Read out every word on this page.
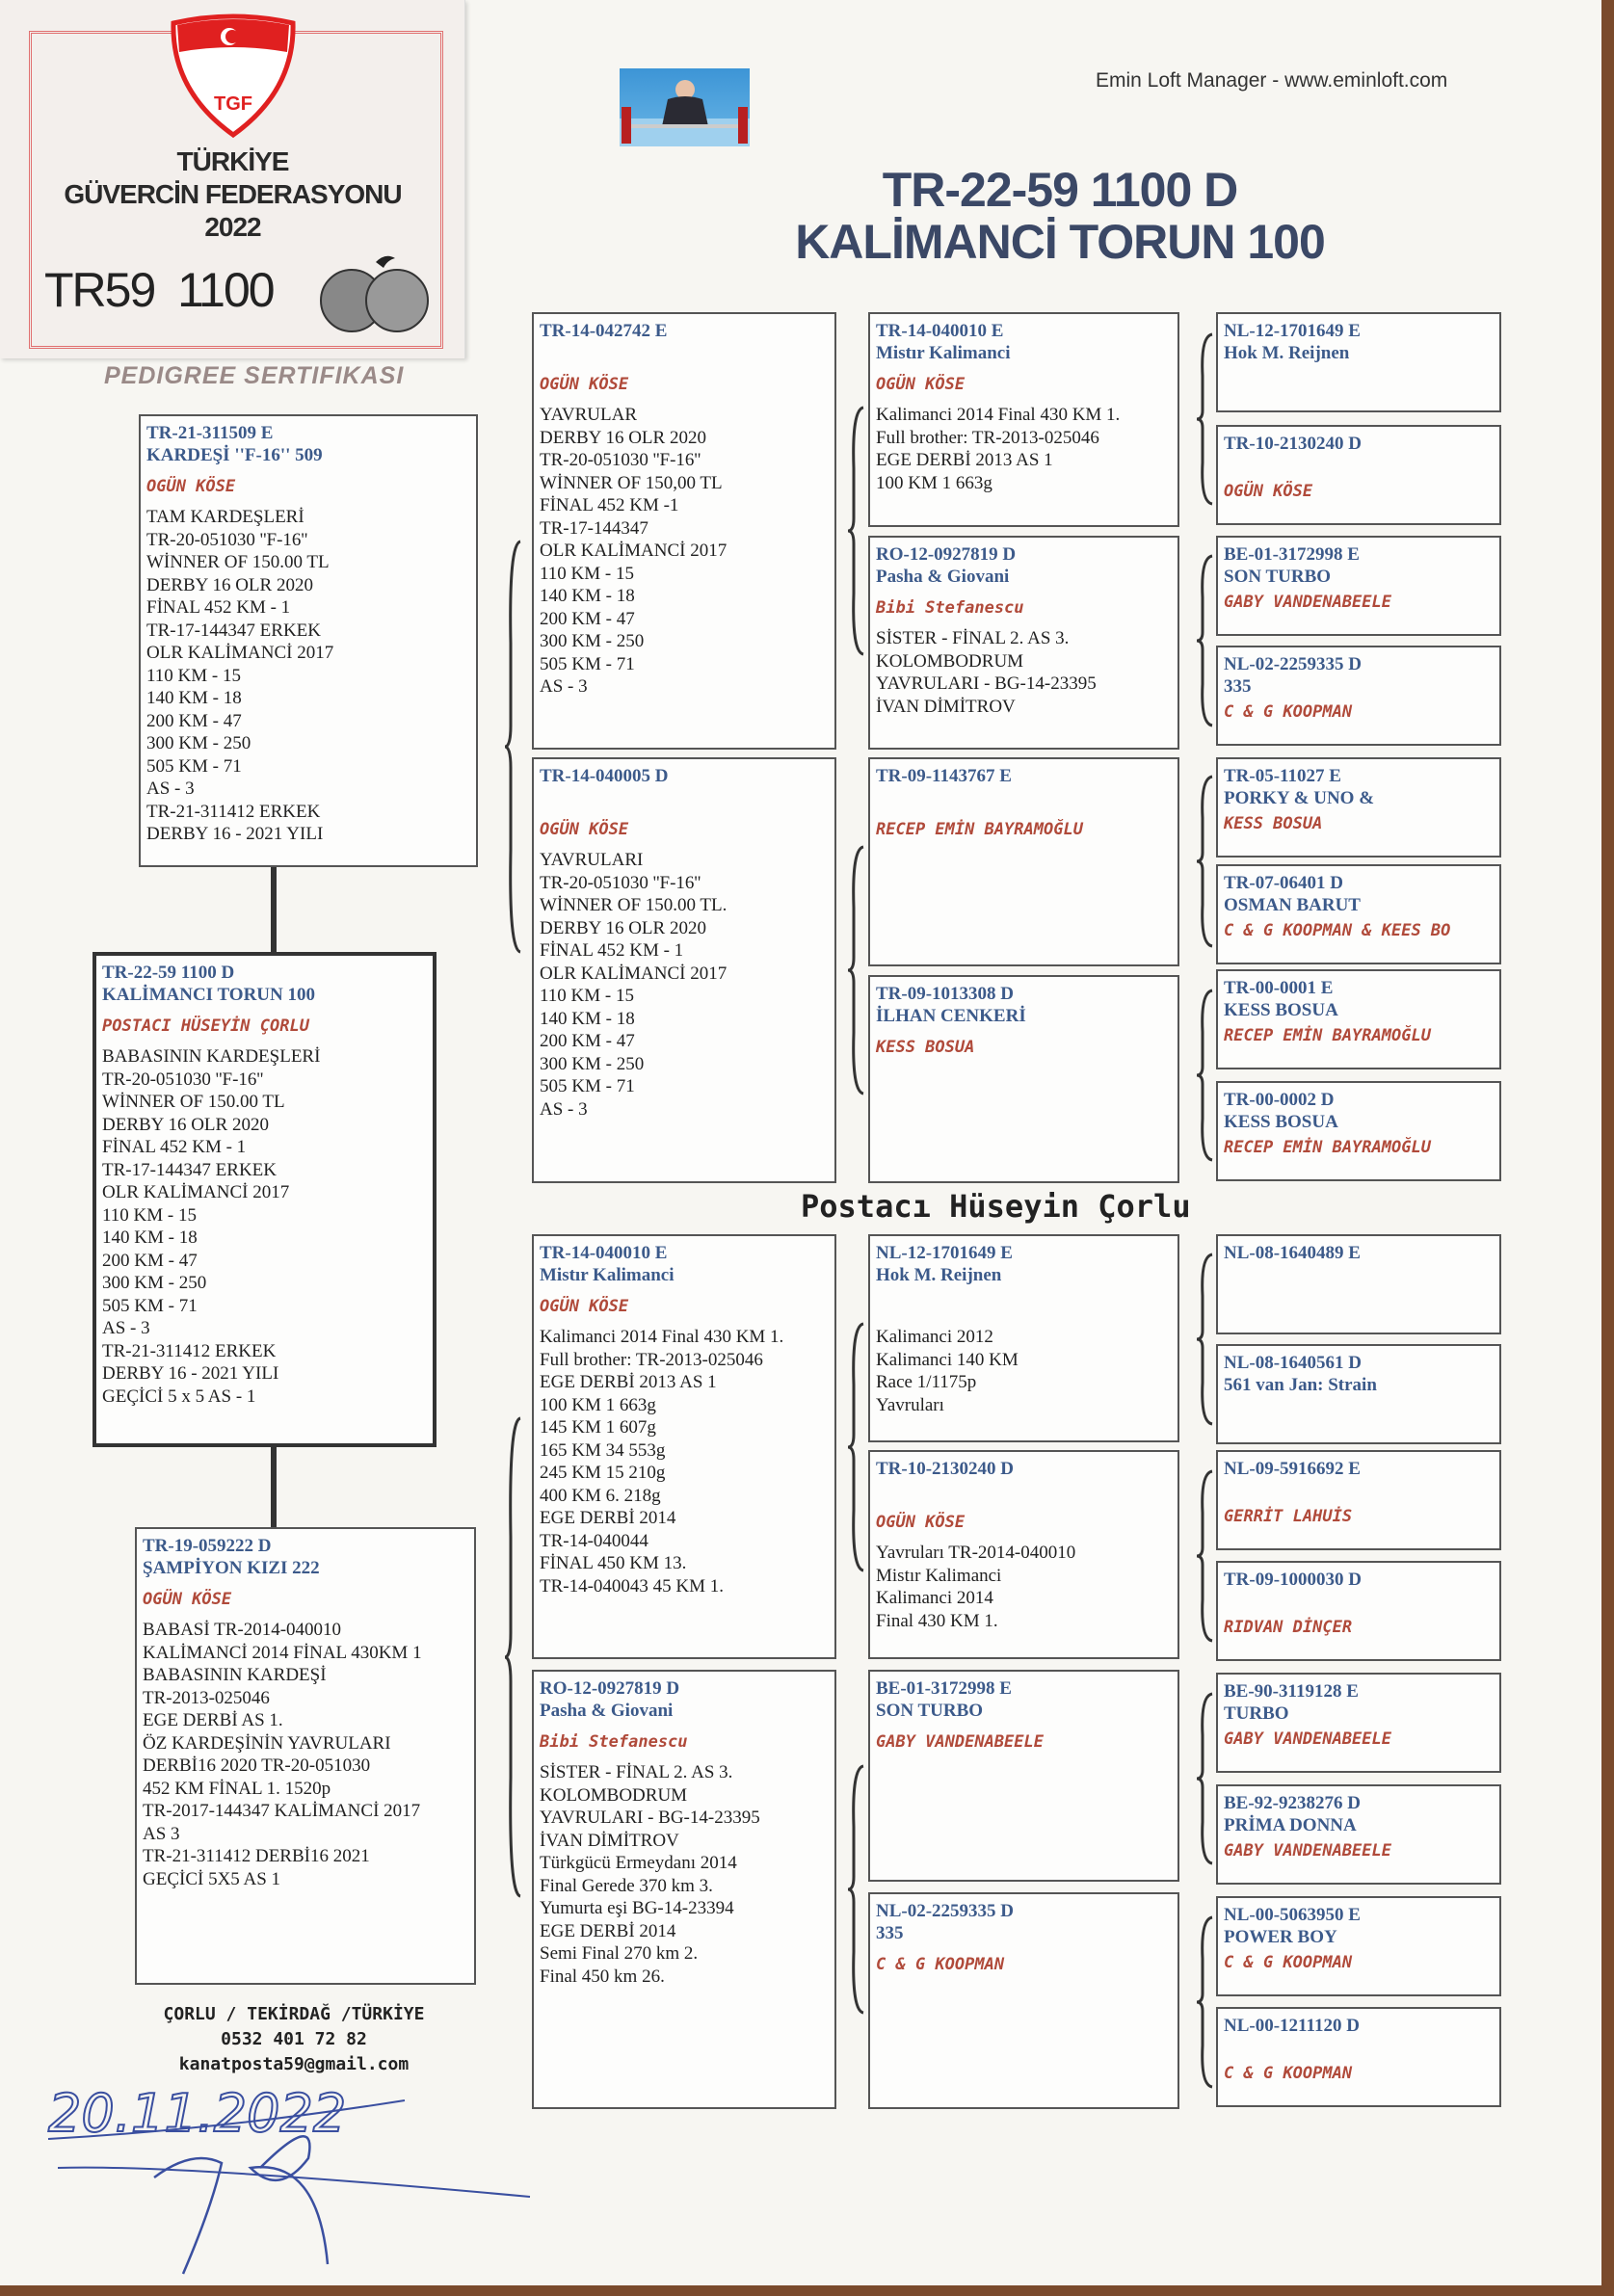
TGF
TÜRKİYE
GÜVERCİN FEDERASYONU
2022
TR59 1100
PEDIGREE SERTIFIKASI
Emin Loft Manager - www.eminloft.com
TR-22-59 1100 D
KALİMANCİ TORUN 100
TR-21-311509 E
KARDEŞİ ''F-16'' 509
OGÜN KÖSE
TAM KARDEŞLERİ
TR-20-051030 ''F-16''
WİNNER OF 150.00 TL
DERBY 16 OLR 2020
FİNAL 452 KM - 1
TR-17-144347 ERKEK
OLR KALİMANCİ 2017
110 KM - 15
140 KM - 18
200 KM - 47
300 KM - 250
505 KM - 71
AS - 3
TR-21-311412 ERKEK
DERBY 16 - 2021 YILI
TR-22-59 1100 D
KALİMANCI TORUN 100
POSTACI HÜSEYİN ÇORLU
BABASININ KARDEŞLERİ
TR-20-051030 ''F-16''
WİNNER OF 150.00 TL
DERBY 16 OLR 2020
FİNAL 452 KM - 1
TR-17-144347 ERKEK
OLR KALİMANCİ 2017
110 KM - 15
140 KM - 18
200 KM - 47
300 KM - 250
505 KM - 71
AS - 3
TR-21-311412 ERKEK
DERBY 16 - 2021 YILI
GEÇİCİ 5 x 5 AS - 1
TR-19-059222 D
ŞAMPİYON KIZI 222
OGÜN KÖSE
BABASİ TR-2014-040010
KALİMANCİ 2014 FİNAL 430KM 1
BABASININ KARDEŞİ
TR-2013-025046
EGE DERBİ AS 1.
ÖZ KARDEŞİNİN YAVRULARI
DERBİ16 2020 TR-20-051030
452 KM FİNAL 1. 1520p
TR-2017-144347 KALİMANCİ 2017
AS 3
TR-21-311412 DERBİ16 2021
GEÇİCİ 5X5 AS 1
TR-14-042742 E
OGÜN KÖSE
YAVRULAR
DERBY 16 OLR 2020
TR-20-051030 ''F-16''
WİNNER OF 150,00 TL
FİNAL 452 KM -1
TR-17-144347
OLR KALİMANCİ 2017
110 KM - 15
140 KM - 18
200 KM - 47
300 KM - 250
505 KM - 71
AS - 3
TR-14-040005 D
OGÜN KÖSE
YAVRULARI
TR-20-051030 ''F-16''
WİNNER OF 150.00 TL.
DERBY 16 OLR 2020
FİNAL 452 KM - 1
OLR KALİMANCİ 2017
110 KM - 15
140 KM - 18
200 KM - 47
300 KM - 250
505 KM - 71
AS - 3
TR-14-040010 E
Mistır Kalimanci
OGÜN KÖSE
Kalimanci 2014 Final 430 KM 1.
Full brother: TR-2013-025046
EGE DERBİ 2013 AS 1
100 KM 1 663g
145 KM 1 607g
165 KM 34 553g
245 KM 15 210g
400 KM 6. 218g
EGE DERBİ 2014
TR-14-040044
FİNAL 450 KM 13.
TR-14-040043 45 KM 1.
RO-12-0927819 D
Pasha & Giovani
Bibi Stefanescu
SİSTER - FİNAL 2. AS 3.
KOLOMBODRUM
YAVRULARI - BG-14-23395
İVAN DİMİTROV
Türkgücü Ermeydanı 2014
Final Gerede 370 km 3.
Yumurta eşi BG-14-23394
EGE DERBİ 2014
Semi Final 270 km 2.
Final 450 km 26.
TR-14-040010 E
Mistır Kalimanci
OGÜN KÖSE
Kalimanci 2014 Final 430 KM 1.
Full brother: TR-2013-025046
EGE DERBİ 2013 AS 1
100 KM 1 663g
RO-12-0927819 D
Pasha & Giovani
Bibi Stefanescu
SİSTER - FİNAL 2. AS 3.
KOLOMBODRUM
YAVRULARI - BG-14-23395
İVAN DİMİTROV
TR-09-1143767 E
RECEP EMİN BAYRAMOĞLU
TR-09-1013308 D
İLHAN CENKERİ
KESS BOSUA
NL-12-1701649 E
Hok M. Reijnen
Kalimanci 2012
Kalimanci 140 KM
Race 1/1175p
Yavruları
TR-10-2130240 D
OGÜN KÖSE
Yavruları TR-2014-040010
Mistır Kalimanci
Kalimanci 2014
Final 430 KM 1.
BE-01-3172998 E
SON TURBO
GABY VANDENABEELE
NL-02-2259335 D
335
C & G KOOPMAN
NL-12-1701649 E
Hok M. Reijnen
TR-10-2130240 D
OGÜN KÖSE
BE-01-3172998 E
SON TURBO
GABY VANDENABEELE
NL-02-2259335 D
335
C & G KOOPMAN
TR-05-11027 E
PORKY & UNO &
KESS BOSUA
TR-07-06401 D
OSMAN BARUT
C & G KOOPMAN & KEES BO
TR-00-0001 E
KESS BOSUA
RECEP EMİN BAYRAMOĞLU
TR-00-0002 D
KESS BOSUA
RECEP EMİN BAYRAMOĞLU
NL-08-1640489 E
NL-08-1640561 D
561 van Jan: Strain
NL-09-5916692 E
GERRİT LAHUİS
TR-09-1000030 D
RIDVAN DİNÇER
BE-90-3119128 E
TURBO
GABY VANDENABEELE
BE-92-9238276 D
PRİMA DONNA
GABY VANDENABEELE
NL-00-5063950 E
POWER BOY
C & G KOOPMAN
NL-00-1211120 D
C & G KOOPMAN
Postacı Hüseyin Çorlu
ÇORLU / TEKİRDAĞ /TÜRKİYE
0532 401 72 82
kanatposta59@gmail.com
20.11.2022
